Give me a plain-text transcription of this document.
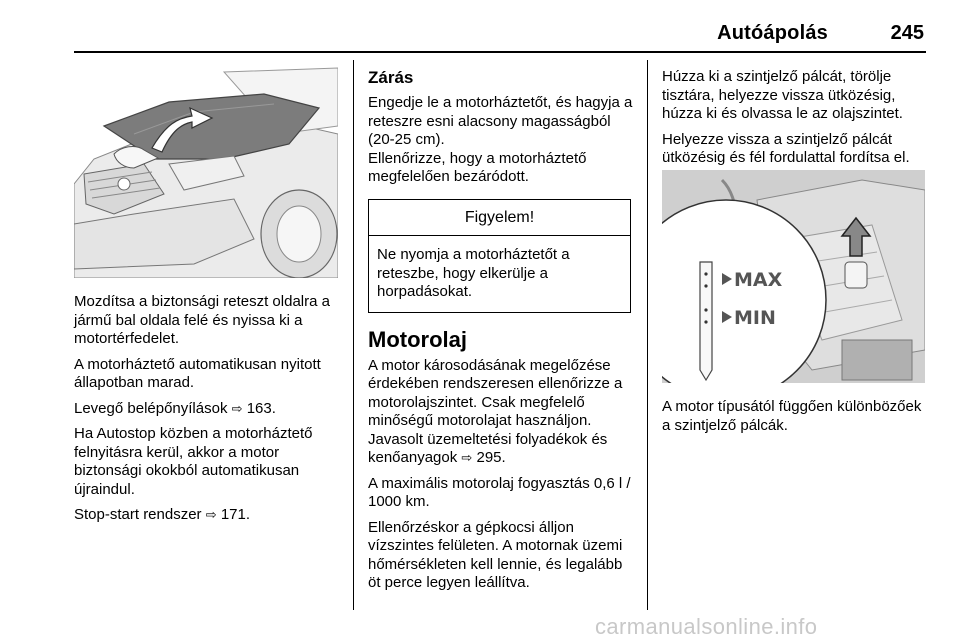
Autóápolás	245

Mozdítsa a biztonsági reteszt oldalra a jármű bal oldala felé és nyissa ki a motortérfedelet.

A motorháztető automatikusan nyitott állapotban marad.

Levegő belépőnyílások ⇨ 163.

Ha Autostop közben a motorháztető felnyitásra kerül, akkor a motor biztonsági okokból automatikusan újraindul.

Stop-start rendszer ⇨ 171.

Zárás

Engedje le a motorháztetőt, és hagyja a reteszre esni alacsony magasságból (20-25 cm).

Ellenőrizze, hogy a motorháztető megfelelően bezáródott.

Figyelem!
Ne nyomja a motorháztetőt a reteszbe, hogy elkerülje a horpadásokat.
Motorolaj

A motor károsodásának megelőzése érdekében rendszeresen ellenőrizze a motorolajszintet. Csak megfelelő minőségű motorolajat használjon. Javasolt üzemeltetési folyadékok és kenőanyagok ⇨ 295.

A maximális motorolaj fogyasztás 0,6 l / 1000 km.

Ellenőrzéskor a gépkocsi álljon vízszintes felületen. A motornak üzemi hőmérsékleten kell lennie, és legalább öt perce legyen leállítva.

Húzza ki a szintjelző pálcát, törölje tisztára, helyezze vissza ütközésig, húzza ki és olvassa le az olajszintet.

Helyezze vissza a szintjelző pálcát ütközésig és fél fordulattal fordítsa el.

MAX
MIN

A motor típusától függően különbözőek a szintjelző pálcák.

carmanualsonline.info
